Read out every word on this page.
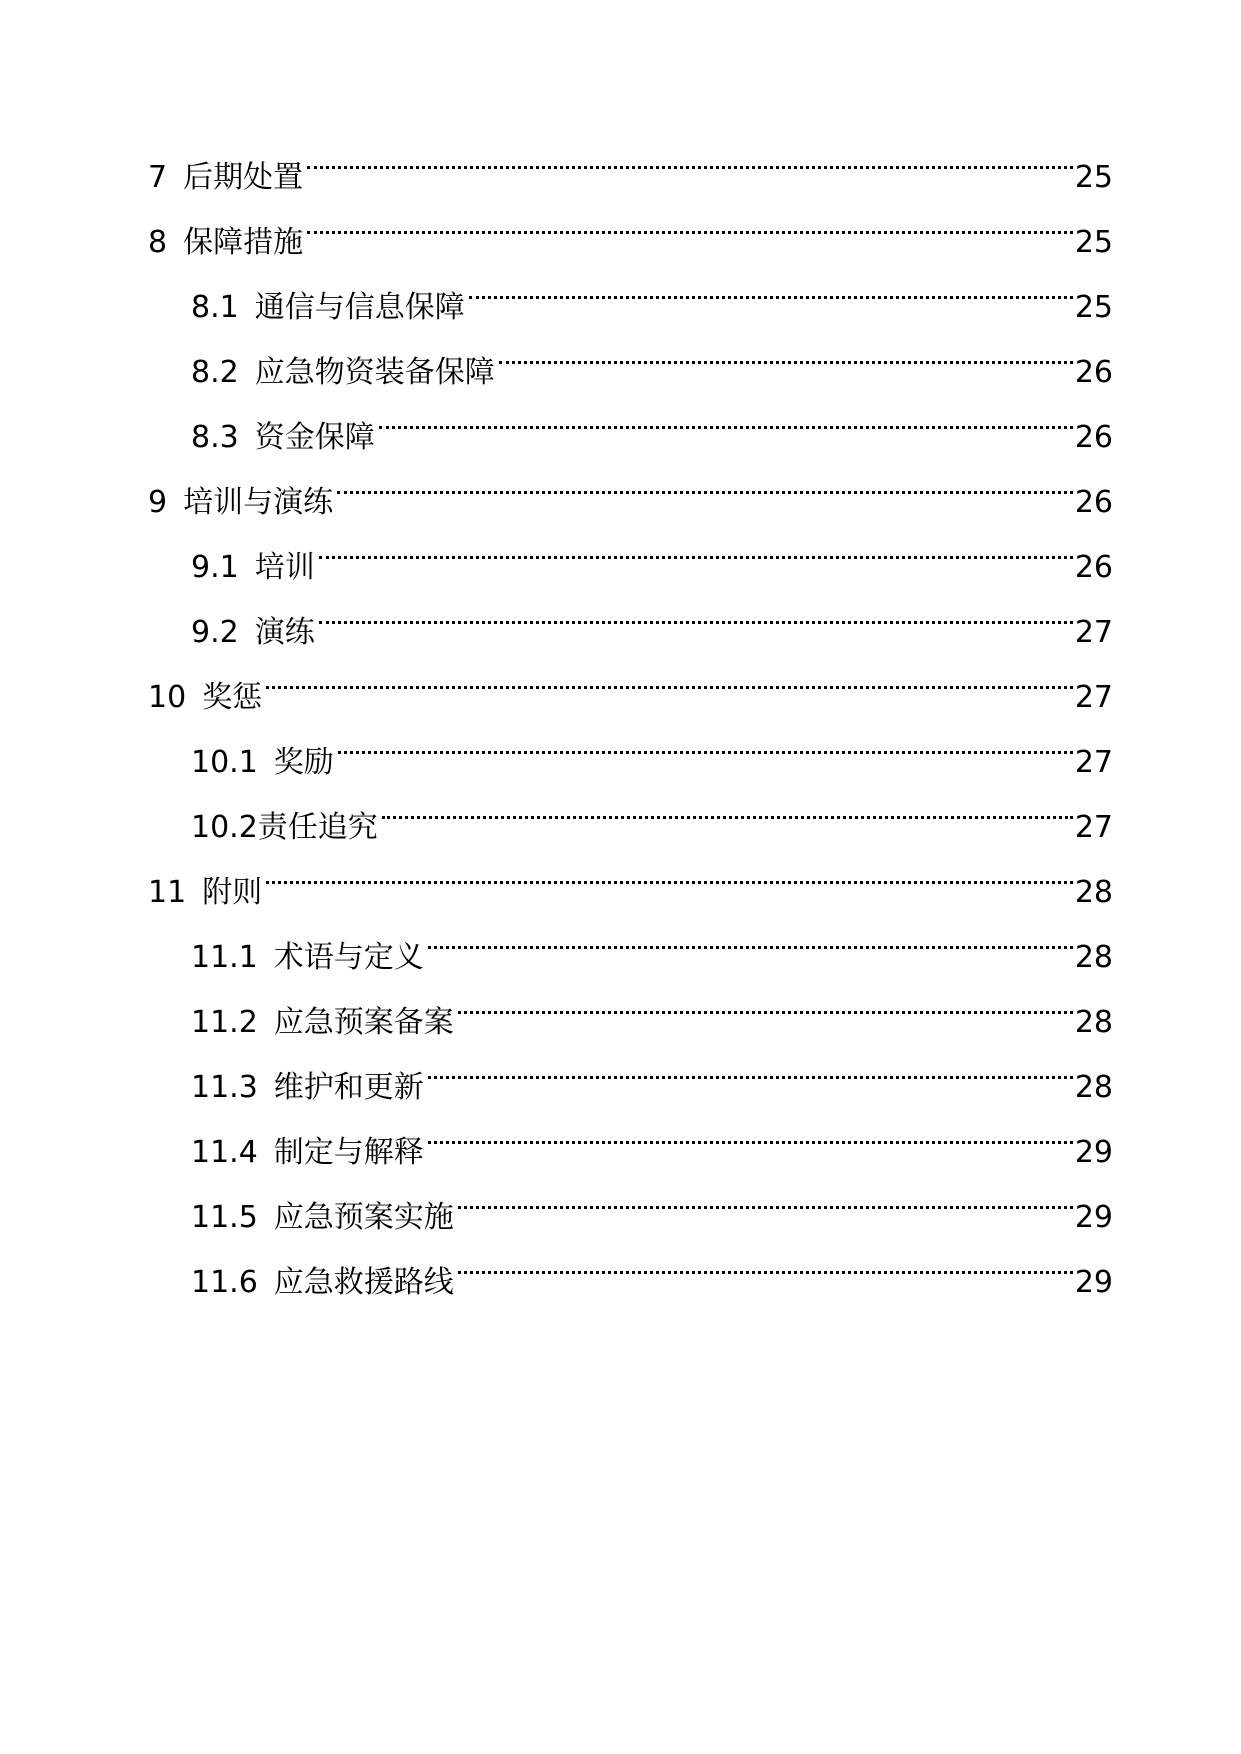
7 后期处置	25
8 保障措施	25
8.1 通信与信息保障	25
8.2 应急物资装备保障	26
8.3 资金保障	26
9 培训与演练	26
9.1 培训	26
9.2 演练	27
10 奖惩	27
10.1 奖励	27
10.2 责任追究	27
11 附则	28
11.1 术语与定义	28
11.2 应急预案备案	28
11.3 维护和更新	28
11.4 制定与解释	29
11.5 应急预案实施	29
11.6 应急救援路线	29
